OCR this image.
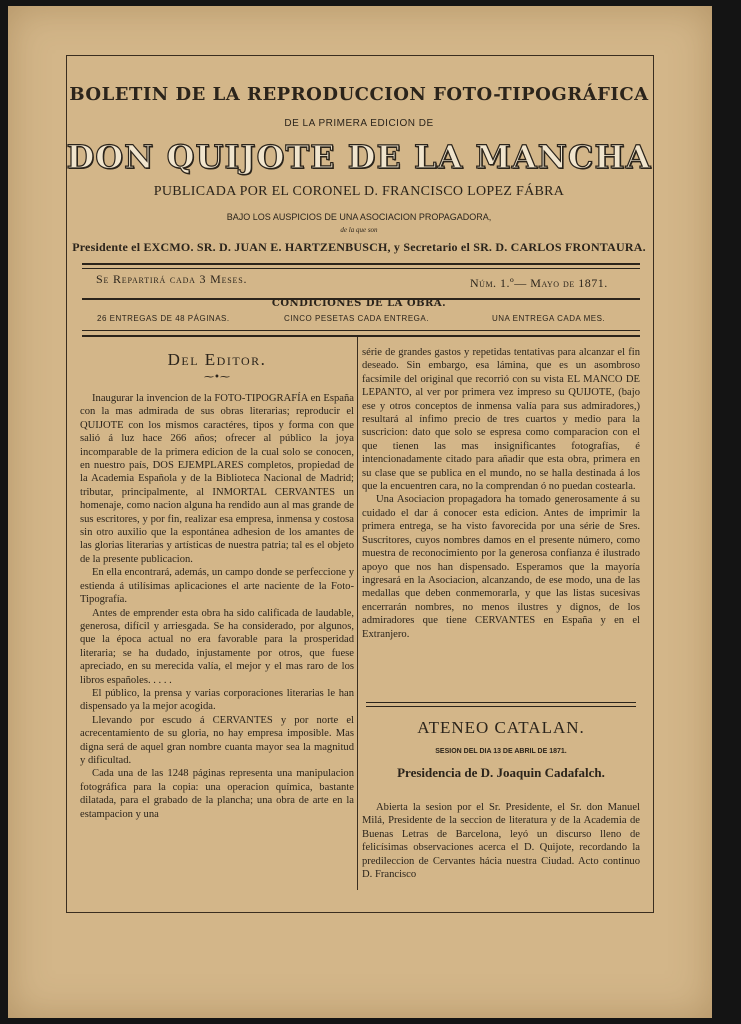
BOLETIN DE LA REPRODUCCION FOTO-TIPOGRÁFICA
DE LA PRIMERA EDICION DE
DON QUIJOTE DE LA MANCHA
PUBLICADA POR EL CORONEL D. FRANCISCO LOPEZ FÁBRA
BAJO LOS AUSPICIOS DE UNA ASOCIACION PROPAGADORA,
de la que son
Presidente el EXCMO. SR. D. JUAN E. HARTZENBUSCH, y Secretario el SR. D. CARLOS FRONTAURA.
Se Repartirá cada 3 Meses.	Núm. 1.º— Mayo de 1871.
CONDICIONES DE LA OBRA.
26 ENTREGAS DE 48 PÁGINAS.	CINCO PESETAS CADA ENTREGA.	UNA ENTREGA CADA MES.
Del Editor.
⁓•⁓

Inaugurar la invencion de la FOTO-TIPOGRAFÍA en España con la mas admirada de sus obras literarias; reproducir el QUIJOTE con los mismos caractéres, tipos y forma con que salió á luz hace 266 años; ofrecer al público la joya incomparable de la primera edicion de la cual solo se conocen, en nuestro país, DOS EJEMPLARES completos, propiedad de la Academia Española y de la Biblioteca Nacional de Madrid; tributar, principalmente, al INMORTAL CERVANTES un homenaje, como nacion alguna ha rendido aun al mas grande de sus escritores, y por fin, realizar esa empresa, inmensa y costosa sin otro auxilio que la espontánea adhesion de los amantes de las glorias literarias y artísticas de nuestra patria; tal es el objeto de la presente publicacion.

En ella encontrará, además, un campo donde se perfeccione y estienda á utilísimas aplicaciones el arte naciente de la Foto-Tipografía.

Antes de emprender esta obra ha sido calificada de laudable, generosa, difícil y arriesgada. Se ha considerado, por algunos, que la época actual no era favorable para la prosperidad literaria; se ha dudado, injustamente por otros, que fuese apreciado, en su merecida valía, el mejor y el mas raro de los libros españoles. . . . .

El público, la prensa y varias corporaciones literarias le han dispensado ya la mejor acogida.

Llevando por escudo á CERVANTES y por norte el acrecentamiento de su gloria, no hay empresa imposible. Mas digna será de aquel gran nombre cuanta mayor sea la magnitud y dificultad.

Cada una de las 1248 páginas representa una manipulacion fotográfica para la copia: una operacion química, bastante dilatada, para el grabado de la plancha; una obra de arte en la estampacion y una

série de grandes gastos y repetidas tentativas para alcanzar el fin deseado. Sin embargo, esa lámina, que es un asombroso facsímile del original que recorrió con su vista EL MANCO DE LEPANTO, al ver por primera vez impreso su QUIJOTE, (bajo ese y otros conceptos de inmensa valía para sus admiradores,) resultará al ínfimo precio de tres cuartos y medio para la suscricion: dato que solo se espresa como comparacion con el que tienen las mas insignificantes fotografías, é intencionadamente citado para añadir que esta obra, primera en su clase que se publica en el mundo, no se halla destinada á los que la encuentren cara, no la comprendan ó no puedan costearla.

Una Asociacion propagadora ha tomado generosamente á su cuidado el dar á conocer esta edicion. Antes de imprimir la primera entrega, se ha visto favorecida por una série de Sres. Suscritores, cuyos nombres damos en el presente número, como muestra de reconocimiento por la generosa confianza é ilustrado apoyo que nos han dispensado. Esperamos que la mayoría ingresará en la Asociacion, alcanzando, de ese modo, una de las medallas que deben conmemorarla, y que las listas sucesivas encerrarán nombres, no menos ilustres y dignos, de los admiradores que tiene CERVANTES en España y en el Extranjero.

ATENEO CATALAN.
SESION DEL DIA 13 DE ABRIL DE 1871.
Presidencia de D. Joaquin Cadafalch.

Abierta la sesion por el Sr. Presidente, el Sr. don Manuel Milá, Presidente de la seccion de literatura y de la Academia de Buenas Letras de Barcelona, leyó un discurso lleno de felicísimas observaciones acerca el D. Quijote, recordando la predileccion de Cervantes hácia nuestra Ciudad. Acto continuo D. Francisco
